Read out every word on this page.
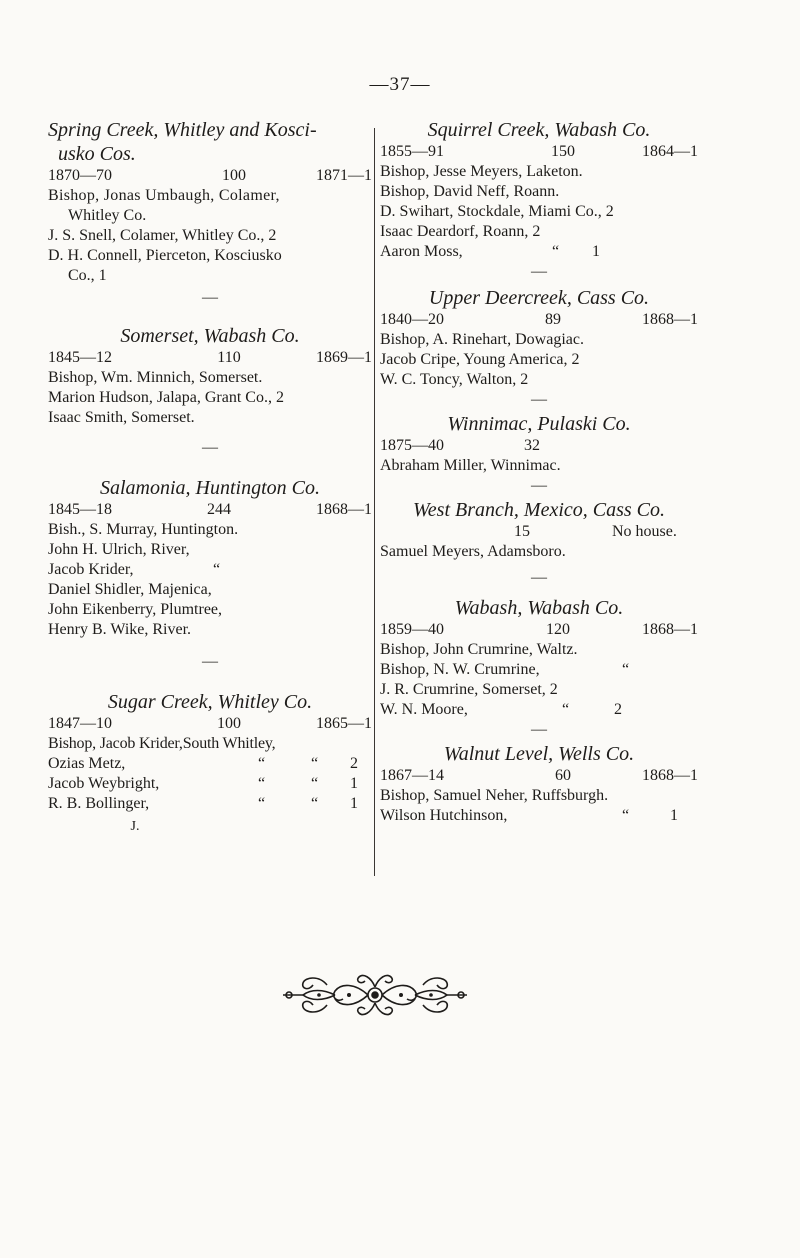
—37—
Spring Creek, Whitley and Kosci-
usko Cos.
1870—70	100	1871—1
Bishop, Jonas Umbaugh, Colamer,
Whitley Co.
J. S. Snell, Colamer, Whitley Co., 2
D. H. Connell, Pierceton, Kosciusko
Co., 1
—
Somerset, Wabash Co.
1845—12	110	1869—1
Bishop, Wm. Minnich, Somerset.
Marion Hudson, Jalapa, Grant Co., 2
Isaac Smith, Somerset.
—
Salamonia, Huntington Co.
1845—18	244	1868—1
Bish., S. Murray, Huntington.
John H. Ulrich, River,
Jacob Krider,	“
Daniel Shidler, Majenica,
John Eikenberry, Plumtree,
Henry B. Wike, River.
—
Sugar Creek, Whitley Co.
1847—10	100	1865—1
Bishop, Jacob Krider,South Whitley,
Ozias Metz,	“	“ 2
Jacob Weybright,	“	“ 1
R. B. Bollinger,	“	“ 1
J.
Squirrel Creek, Wabash Co.
1855—91	150	1864—1
Bishop, Jesse Meyers, Laketon.
Bishop, David Neff, Roann.
D. Swihart, Stockdale, Miami Co., 2
Isaac Deardorf, Roann, 2
Aaron Moss,	“ 1
—
Upper Deercreek, Cass Co.
1840—20	89	1868—1
Bishop, A. Rinehart, Dowagiac.
Jacob Cripe, Young America, 2
W. C. Toncy, Walton, 2
—
Winnimac, Pulaski Co.
1875—40	32
Abraham Miller, Winnimac.
—
West Branch, Mexico, Cass Co.
15	No house.
Samuel Meyers, Adamsboro.
—
Wabash, Wabash Co.
1859—40	120	1868—1
Bishop, John Crumrine, Waltz.
Bishop, N. W. Crumrine,	“
J. R. Crumrine, Somerset, 2
W. N. Moore,	“	2
—
Walnut Level, Wells Co.
1867—14	60	1868—1
Bishop, Samuel Neher, Ruffsburgh.
Wilson Hutchinson,	“	1
